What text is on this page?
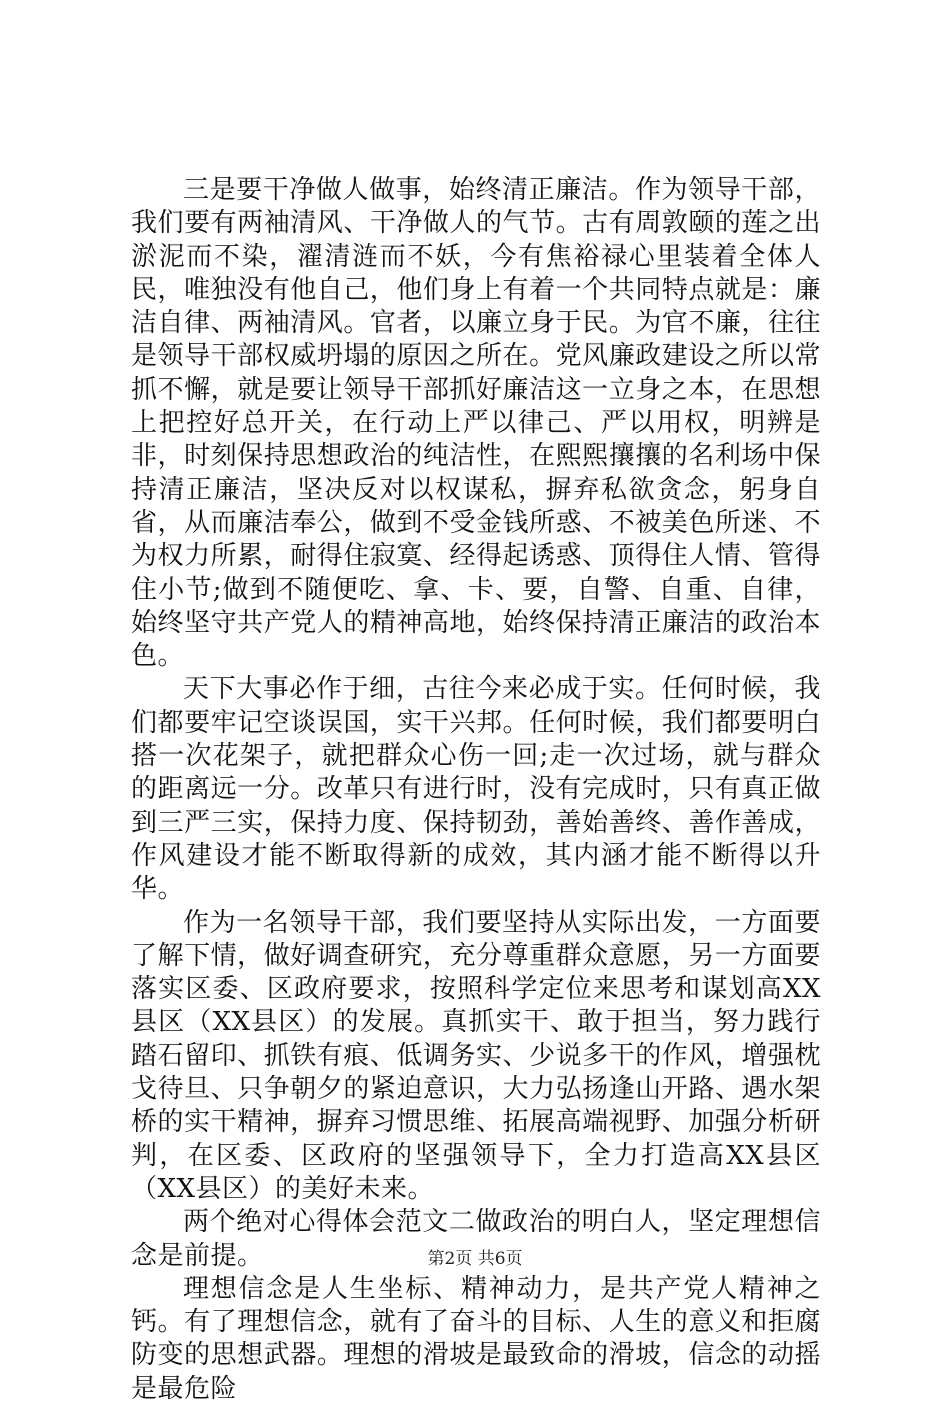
三是要干净做人做事，始终清正廉洁。作为领导干部，我们要有两袖清风、干净做人的气节。古有周敦颐的莲之出淤泥而不染，濯清涟而不妖，今有焦裕禄心里装着全体人民，唯独没有他自己，他们身上有着一个共同特点就是：廉洁自律、两袖清风。官者，以廉立身于民。为官不廉，往往是领导干部权威坍塌的原因之所在。党风廉政建设之所以常抓不懈，就是要让领导干部抓好廉洁这一立身之本，在思想上把控好总开关，在行动上严以律己、严以用权，明辨是非，时刻保持思想政治的纯洁性，在熙熙攘攘的名利场中保持清正廉洁，坚决反对以权谋私，摒弃私欲贪念，躬身自省，从而廉洁奉公，做到不受金钱所惑、不被美色所迷、不为权力所累，耐得住寂寞、经得起诱惑、顶得住人情、管得住小节;做到不随便吃、拿、卡、要，自警、自重、自律，始终坚守共产党人的精神高地，始终保持清正廉洁的政治本色。

天下大事必作于细，古往今来必成于实。任何时候，我们都要牢记空谈误国，实干兴邦。任何时候，我们都要明白搭一次花架子，就把群众心伤一回;走一次过场，就与群众的距离远一分。改革只有进行时，没有完成时，只有真正做到三严三实，保持力度、保持韧劲，善始善终、善作善成，作风建设才能不断取得新的成效，其内涵才能不断得以升华。

作为一名领导干部，我们要坚持从实际出发，一方面要了解下情，做好调查研究，充分尊重群众意愿，另一方面要落实区委、区政府要求，按照科学定位来思考和谋划高XX县区（XX县区）的发展。真抓实干、敢于担当，努力践行踏石留印、抓铁有痕、低调务实、少说多干的作风，增强枕戈待旦、只争朝夕的紧迫意识，大力弘扬逢山开路、遇水架桥的实干精神，摒弃习惯思维、拓展高端视野、加强分析研判，在区委、区政府的坚强领导下，全力打造高XX县区（XX县区）的美好未来。

两个绝对心得体会范文二做政治的明白人，坚定理想信念是前提。

理想信念是人生坐标、精神动力，是共产党人精神之钙。有了理想信念，就有了奋斗的目标、人生的意义和拒腐防变的思想武器。理想的滑坡是最致命的滑坡，信念的动摇是最危险

第2页 共6页
